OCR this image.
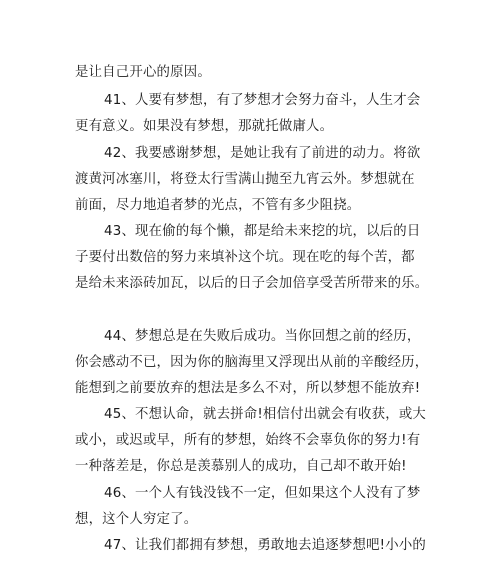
是让自己开心的原因。
41、人要有梦想，有了梦想才会努力奋斗，人生才会
更有意义。如果没有梦想，那就托做庸人。
42、我要感谢梦想，是她让我有了前进的动力。将欲
渡黄河冰塞川，将登太行雪满山抛至九宵云外。梦想就在
前面，尽力地追者梦的光点，不管有多少阻挠。
43、现在偷的每个懒，都是给未来挖的坑，以后的日
子要付出数倍的努力来填补这个坑。现在吃的每个苦，都
是给未来添砖加瓦，以后的日子会加倍享受苦所带来的乐。
44、梦想总是在失败后成功。当你回想之前的经历，
你会感动不已，因为你的脑海里又浮现出从前的辛酸经历，
能想到之前要放弃的想法是多么不对，所以梦想不能放弃!
45、不想认命，就去拼命!相信付出就会有收获，或大
或小，或迟或早，所有的梦想，始终不会辜负你的努力!有
一种落差是，你总是羡慕别人的成功，自己却不敢开始!
46、一个人有钱没钱不一定，但如果这个人没有了梦
想，这个人穷定了。
47、让我们都拥有梦想，勇敢地去追逐梦想吧!小小的
